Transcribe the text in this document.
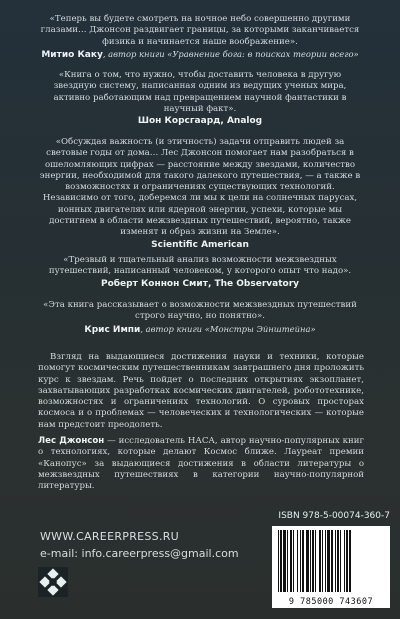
«Теперь вы будете смотреть на ночное небо совершенно другими глазами… Джонсон раздвигает границы, за которыми заканчивается физика и начинается наше воображение».
Митио Каку, автор книги «Уравнение бога: в поисках теории всего»
«Книга о том, что нужно, чтобы доставить человека в другую звездную систему, написанная одним из ведущих ученых мира, активно работающим над превращением научной фантастики в научный факт».
Шон Корсгаард, Analog
«Обсуждая важность (и этичность) задачи отправить людей за световые годы от дома… Лес Джонсон помогает нам разобраться в ошеломляющих цифрах — расстояние между звездами, количество энергии, необходимой для такого далекого путешествия, — а также в возможностях и ограничениях существующих технологий. Независимо от того, доберемся ли мы к цели на солнечных парусах, ионных двигателях или ядерной энергии, успехи, которые мы достигнем в области межзвездных путешествий, вероятно, также изменят и образ жизни на Земле».
Scientific American
«Трезвый и тщательный анализ возможности межзвездных путешествий, написанный человеком, у которого опыт что надо».
Роберт Коннон Смит, The Observatory
«Эта книга рассказывает о возможности межзвездных путешествий строго научно, но понятно».
Крис Импи, автор книги «Монстры Эйнштейна»

Взгляд на выдающиеся достижения науки и техники, которые помогут космическим путешественникам завтрашнего дня проложить курс к звездам. Речь пойдет о последних открытиях экзопланет, захватывающих разработках космических двигателей, робототехнике, возможностях и ограничениях технологий. О суровых просторах космоса и о проблемах — человеческих и технологических — которые нам предстоит преодолеть.

Лес Джонсон — исследователь НАСА, автор научно-популярных книг о технологиях, которые делают Космос ближе. Лауреат премии «Канопус» за выдающиеся достижения в области литературы о межзвездных путешествиях в категории научно-популярной литературы.

ISBN 978-5-00074-360-7
WWW.CAREERPRESS.RU
e-mail: info.careerpress@gmail.com
9 785000 743607
